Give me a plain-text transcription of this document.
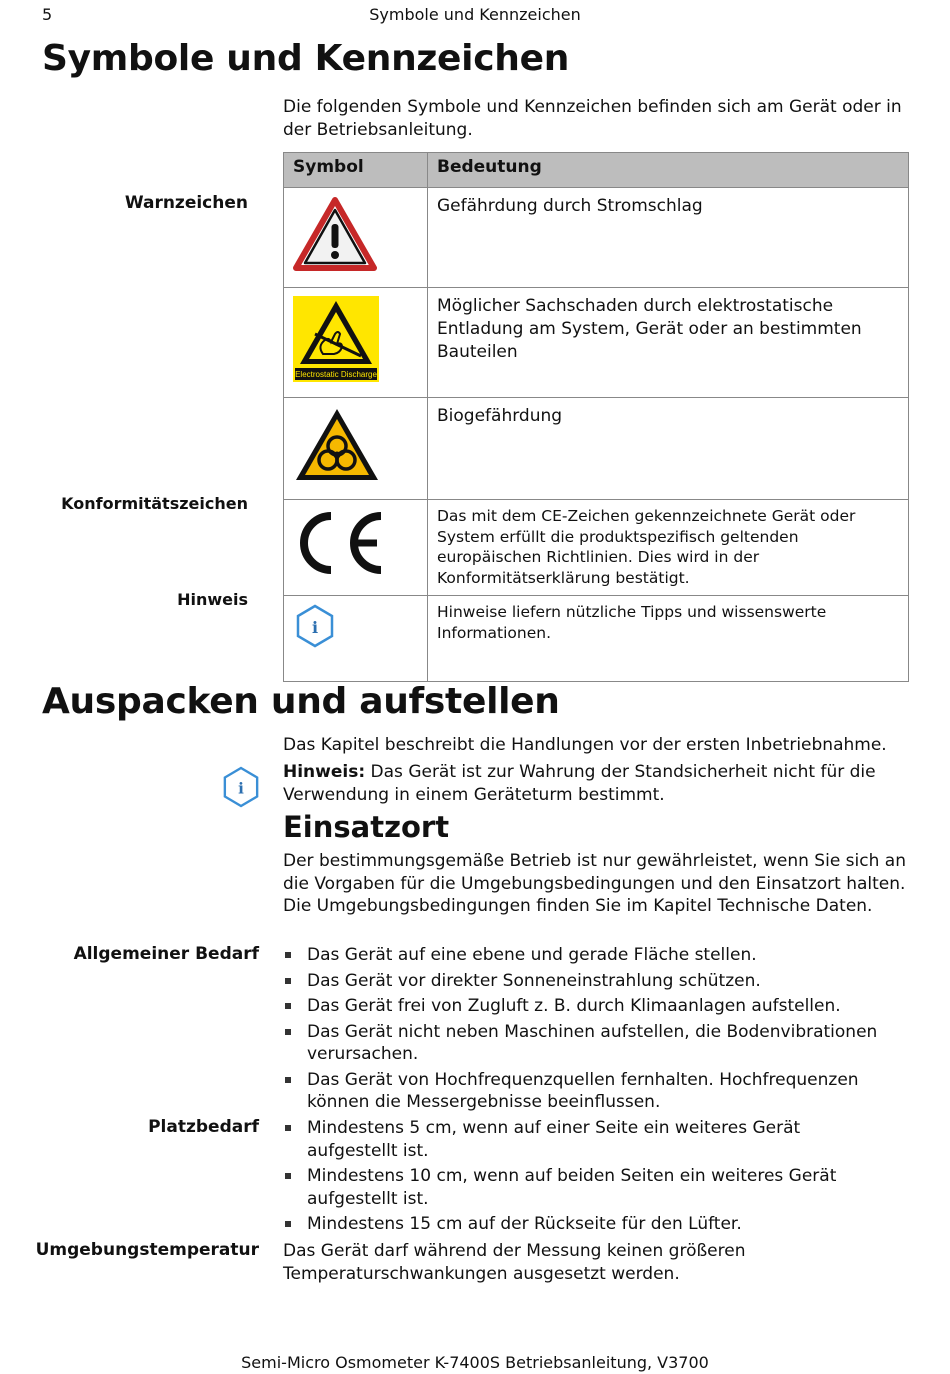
5	Symbole und Kennzeichen
Symbole und Kennzeichen
Die folgenden Symbole und Kennzeichen befinden sich am Gerät oder in der Betriebsanleitung.
Warnzeichen
Konformitätszeichen
Hinweis
Symbol	Bedeutung
	Gefährdung durch Stromschlag

Electrostatic Discharge	Möglicher Sachschaden durch elektrostatische Entladung am System, Gerät oder an bestimmten Bauteilen
	Biogefährdung
	Das mit dem CE-Zeichen gekennzeichnete Gerät oder System erfüllt die produktspezifisch geltenden europäischen Richtlinien. Dies wird in der Konformitätserklärung bestätigt.

i	Hinweise liefern nützliche Tipps und wissenswerte Informationen.
Auspacken und aufstellen
Das Kapitel beschreibt die Handlungen vor der ersten Inbetriebnahme.
i
Hinweis: Das Gerät ist zur Wahrung der Standsicherheit nicht für die Verwendung in einem Geräteturm bestimmt.
Einsatzort
Der bestimmungsgemäße Betrieb ist nur gewährleistet, wenn Sie sich an die Vorgaben für die Umgebungsbedingungen und den Einsatzort halten. Die Umgebungsbedingungen finden Sie im Kapitel Technische Daten.
Allgemeiner Bedarf	Das Gerät auf eine ebene und gerade Fläche stellen.
Das Gerät vor direkter Sonneneinstrahlung schützen.
Das Gerät frei von Zugluft z. B. durch Klimaanlagen aufstellen.
Das Gerät nicht neben Maschinen aufstellen, die Bodenvibrationen verursachen.
Das Gerät von Hochfrequenzquellen fernhalten. Hochfrequenzen können die Messergebnisse beeinflussen.
Platzbedarf	Mindestens 5 cm, wenn auf einer Seite ein weiteres Gerät aufgestellt ist.
Mindestens 10 cm, wenn auf beiden Seiten ein weiteres Gerät aufgestellt ist.
Mindestens 15 cm auf der Rückseite für den Lüfter.
Umgebungstemperatur Das Gerät darf während der Messung keinen größeren Temperaturschwankungen ausgesetzt werden.
Semi-Micro Osmometer K-7400S Betriebsanleitung, V3700
